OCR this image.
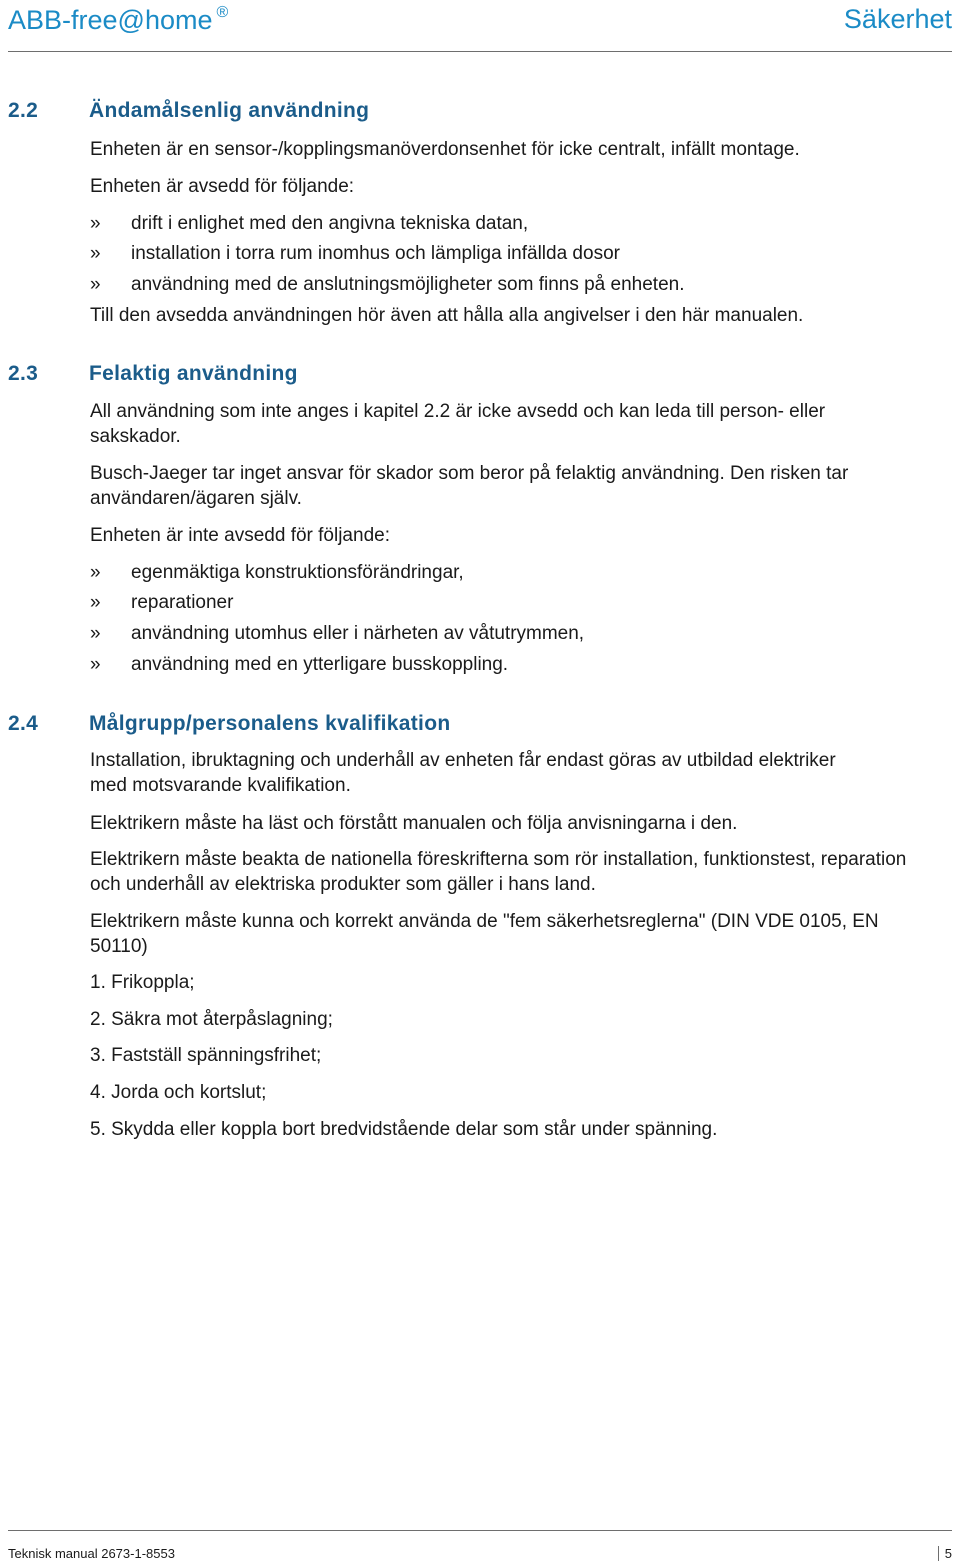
ABB-free@home ®	Säkerhet
2.2 Ändamålsenlig användning
Enheten är en sensor-/kopplingsmanöverdonsenhet för icke centralt, infällt montage.
Enheten är avsedd för följande:
» drift i enlighet med den angivna tekniska datan,
» installation i torra rum inomhus och lämpliga infällda dosor
» användning med de anslutningsmöjligheter som finns på enheten.
Till den avsedda användningen hör även att hålla alla angivelser i den här manualen.
2.3 Felaktig användning
All användning som inte anges i kapitel 2.2 är icke avsedd och kan leda till person- eller sakskador.
Busch-Jaeger tar inget ansvar för skador som beror på felaktig användning. Den risken tar användaren/ägaren själv.
Enheten är inte avsedd för följande:
» egenmäktiga konstruktionsförändringar,
» reparationer
» användning utomhus eller i närheten av våtutrymmen,
» användning med en ytterligare busskoppling.
2.4 Målgrupp/personalens kvalifikation
Installation, ibruktagning och underhåll av enheten får endast göras av utbildad elektriker med motsvarande kvalifikation.
Elektrikern måste ha läst och förstått manualen och följa anvisningarna i den.
Elektrikern måste beakta de nationella föreskrifterna som rör installation, funktionstest, reparation och underhåll av elektriska produkter som gäller i hans land.
Elektrikern måste kunna och korrekt använda de "fem säkerhetsreglerna" (DIN VDE 0105, EN 50110)
1. Frikoppla;
2. Säkra mot återpåslagning;
3. Fastställ spänningsfrihet;
4. Jorda och kortslut;
5. Skydda eller koppla bort bredvidstående delar som står under spänning.
Teknisk manual 2673-1-8553	5
